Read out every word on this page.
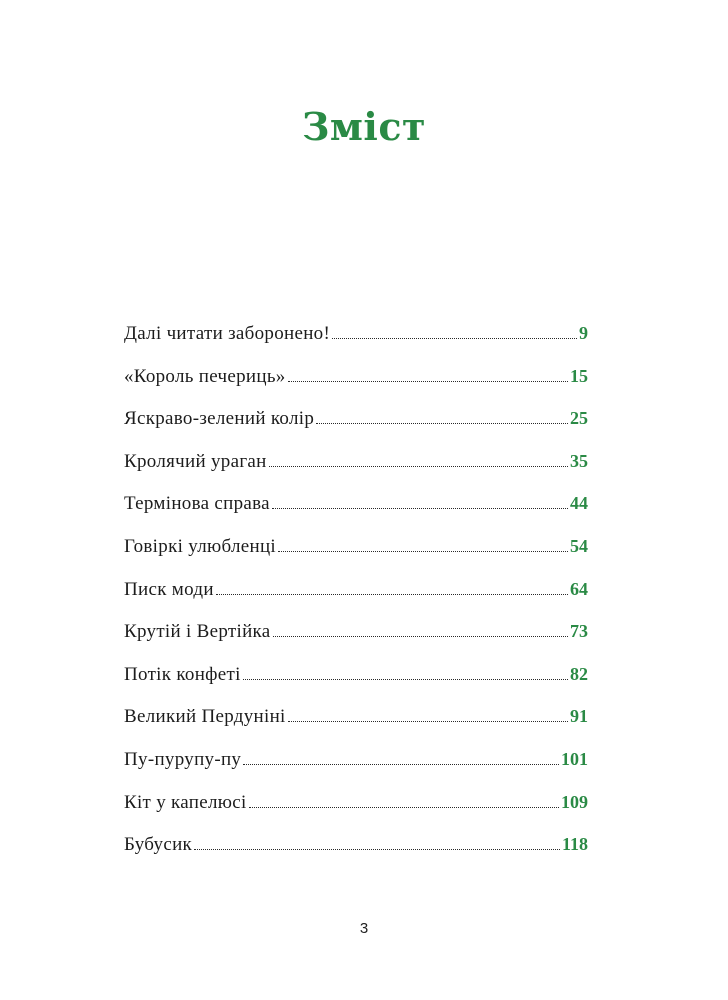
Зміст
Далі читати заборонено!	9
«Король печериць»	15
Яскраво-зелений колір	25
Кролячий ураган	35
Термінова справа	44
Говіркі улюбленці	54
Писк моди	64
Крутій і Вертійка	73
Потік конфеті	82
Великий Пердуніні	91
Пу-пурупу-пу	101
Кіт у капелюсі	109
Бубусик	118
3
